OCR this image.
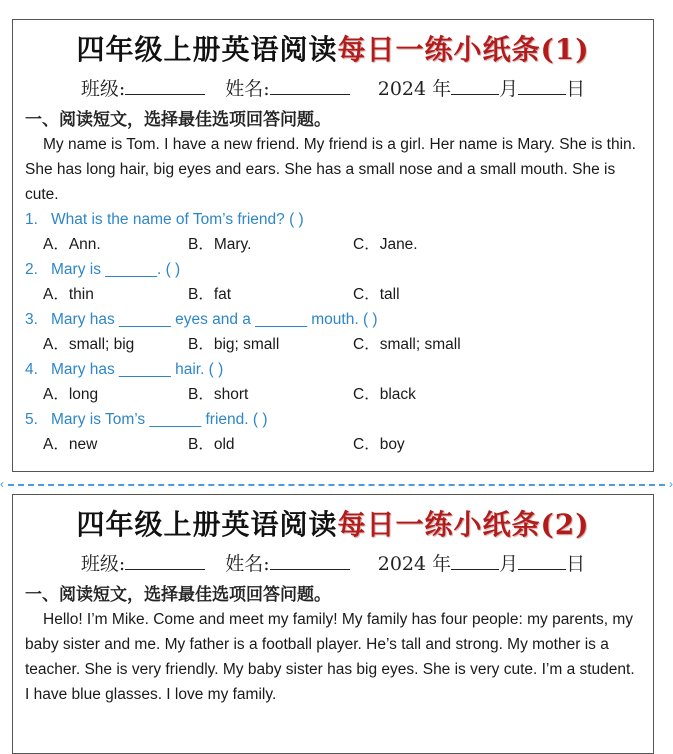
四年级上册英语阅读每日一练小纸条(1)
班级:	姓名:	2024 年	月	日
一、阅读短文，选择最佳选项回答问题。
My name is Tom. I have a new friend. My friend is a girl. Her name is Mary. She is thin. She has long hair, big eyes and ears. She has a small nose and a small mouth. She is cute.
1. What is the name of Tom’s friend? ( )
A．Ann.	B．Mary.	C．Jane.
2. Mary is ______. ( )
A．thin	B．fat	C．tall
3. Mary has ______ eyes and a ______ mouth. ( )
A．small; big	B．big; small	C．small; small
4. Mary has ______ hair. ( )
A．long	B．short	C．black
5. Mary is Tom’s ______ friend. ( )
A．new	B．old	C．boy
‹	›
四年级上册英语阅读每日一练小纸条(2)
班级:	姓名:	2024 年	月	日
一、阅读短文，选择最佳选项回答问题。
Hello! I’m Mike. Come and meet my family! My family has four people: my parents, my baby sister and me. My father is a football player. He’s tall and strong. My mother is a teacher. She is very friendly. My baby sister has big eyes. She is very cute. I’m a student. I have blue glasses. I love my family.
